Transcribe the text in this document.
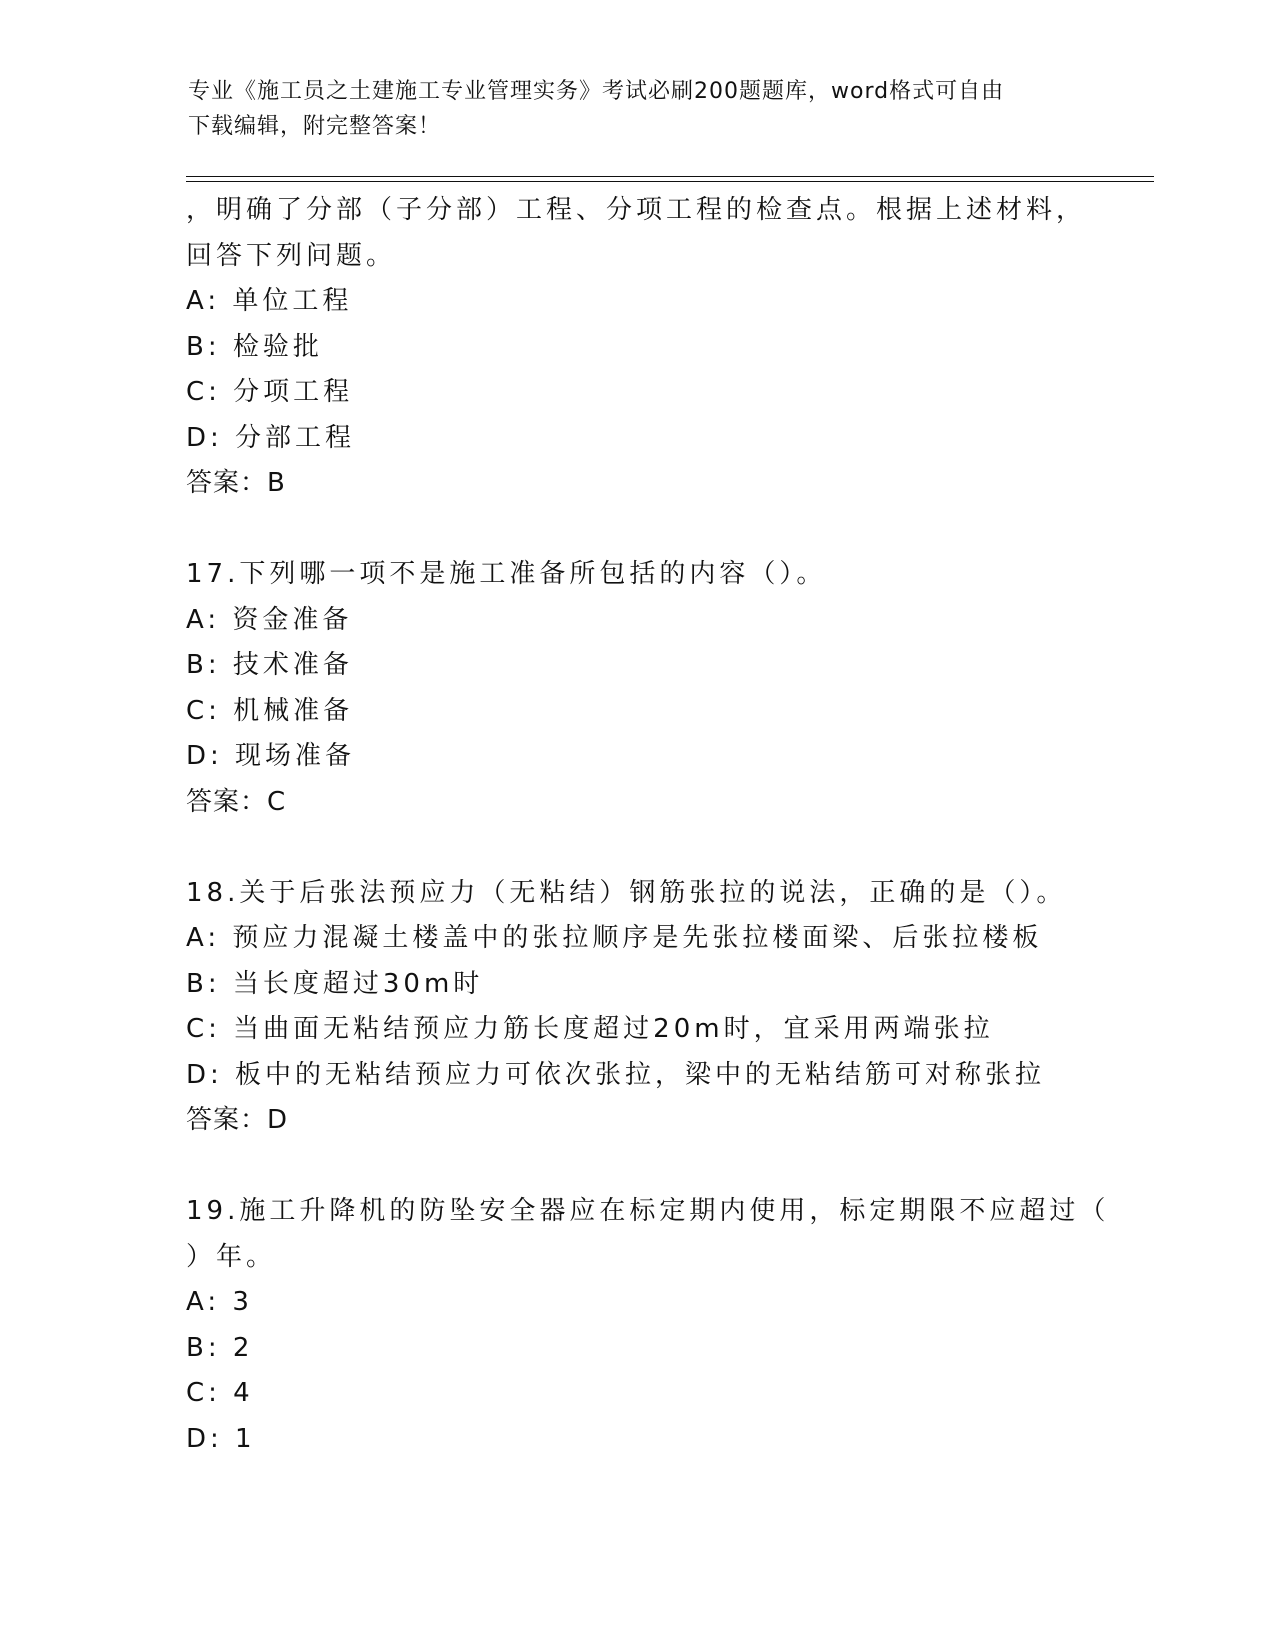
专业《施工员之土建施工专业管理实务》考试必刷200题题库，word格式可自由
下载编辑，附完整答案！
，明确了分部（子分部）工程、分项工程的检查点。根据上述材料，
回答下列问题。
A: 单位工程
B: 检验批
C: 分项工程
D: 分部工程
答案：B
17.下列哪一项不是施工准备所包括的内容（）。
A: 资金准备
B: 技术准备
C: 机械准备
D: 现场准备
答案：C
18.关于后张法预应力（无粘结）钢筋张拉的说法，正确的是（）。
A: 预应力混凝土楼盖中的张拉顺序是先张拉楼面梁、后张拉楼板
B: 当长度超过30m时
C: 当曲面无粘结预应力筋长度超过20m时，宜采用两端张拉
D: 板中的无粘结预应力可依次张拉，梁中的无粘结筋可对称张拉
答案：D
19.施工升降机的防坠安全器应在标定期内使用，标定期限不应超过（
）年。
A: 3
B: 2
C: 4
D: 1
